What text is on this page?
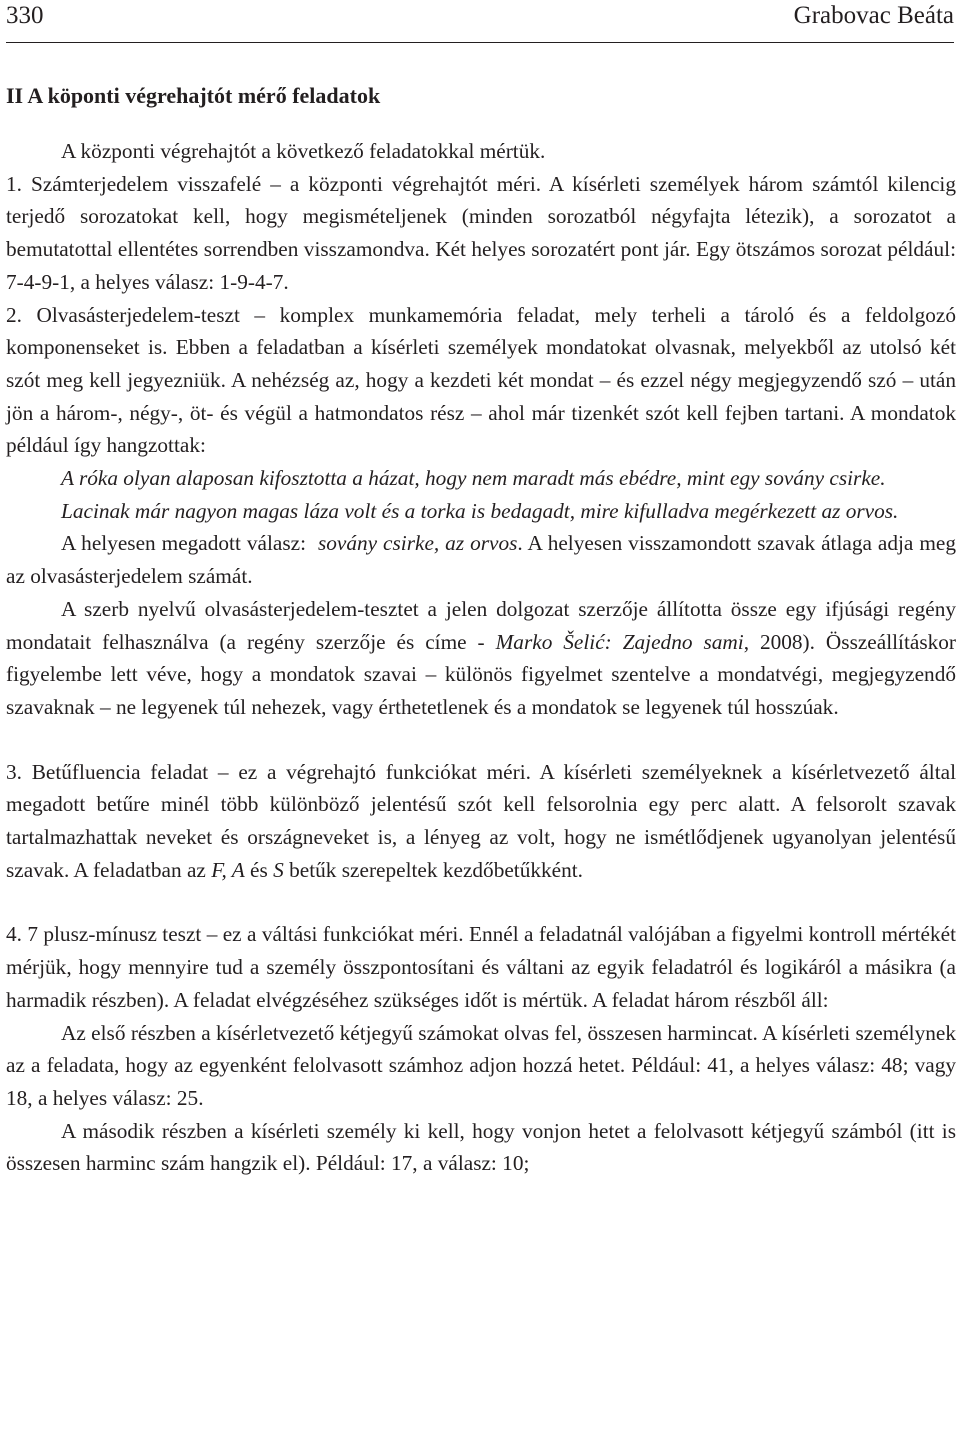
330	Grabovac Beáta
II A köponti végrehajtót mérő feladatok

A központi végrehajtót a következő feladatokkal mértük.

1. Számterjedelem visszafelé – a központi végrehajtót méri. A kísérleti személyek három számtól kilencig terjedő sorozatokat kell, hogy megismételjenek (minden sorozatból négyfajta létezik), a sorozatot a bemutatottal ellentétes sorrendben visszamondva. Két helyes sorozatért pont jár. Egy ötszámos sorozat például: 7-4-9-1, a helyes válasz: 1-9-4-7.

2. Olvasásterjedelem-teszt – komplex munkamemória feladat, mely terheli a tároló és a feldolgozó komponenseket is. Ebben a feladatban a kísérleti személyek mondatokat olvasnak, melyekből az utolsó két szót meg kell jegyezniük. A nehézség az, hogy a kezdeti két mondat – és ezzel négy megjegyzendő szó – után jön a három-, négy-, öt- és végül a hatmondatos rész – ahol már tizenkét szót kell fejben tartani. A mondatok például így hangzottak:

A róka olyan alaposan kifosztotta a házat, hogy nem maradt más ebédre, mint egy sovány csirke.

Lacinak már nagyon magas láza volt és a torka is bedagadt, mire kifulladva megérkezett az orvos.

A helyesen megadott válasz: sovány csirke, az orvos. A helyesen visszamondott szavak átlaga adja meg az olvasásterjedelem számát.

A szerb nyelvű olvasásterjedelem-tesztet a jelen dolgozat szerzője állította össze egy ifjúsági regény mondatait felhasználva (a regény szerzője és címe - Marko Šelić: Zajedno sami, 2008). Összeállításkor figyelembe lett véve, hogy a mondatok szavai – különös figyelmet szentelve a mondatvégi, megjegyzendő szavaknak – ne legyenek túl nehezek, vagy érthetetlenek és a mondatok se legyenek túl hosszúak.

3. Betűfluencia feladat – ez a végrehajtó funkciókat méri. A kísérleti személyeknek a kísérletvezető által megadott betűre minél több különböző jelentésű szót kell felsorolnia egy perc alatt. A felsorolt szavak tartalmazhattak neveket és országneveket is, a lényeg az volt, hogy ne ismétlődjenek ugyanolyan jelentésű szavak. A feladatban az F, A és S betűk szerepeltek kezdőbetűkként.

4. 7 plusz-mínusz teszt – ez a váltási funkciókat méri. Ennél a feladatnál valójában a figyelmi kontroll mértékét mérjük, hogy mennyire tud a személy összpontosítani és váltani az egyik feladatról és logikáról a másikra (a harmadik részben). A feladat elvégzéséhez szükséges időt is mértük. A feladat három részből áll:

Az első részben a kísérletvezető kétjegyű számokat olvas fel, összesen harmincat. A kísérleti személynek az a feladata, hogy az egyenként felolvasott számhoz adjon hozzá hetet. Például: 41, a helyes válasz: 48; vagy 18, a helyes válasz: 25.

A második részben a kísérleti személy ki kell, hogy vonjon hetet a felolvasott kétjegyű számból (itt is összesen harminc szám hangzik el). Például: 17, a válasz: 10;
